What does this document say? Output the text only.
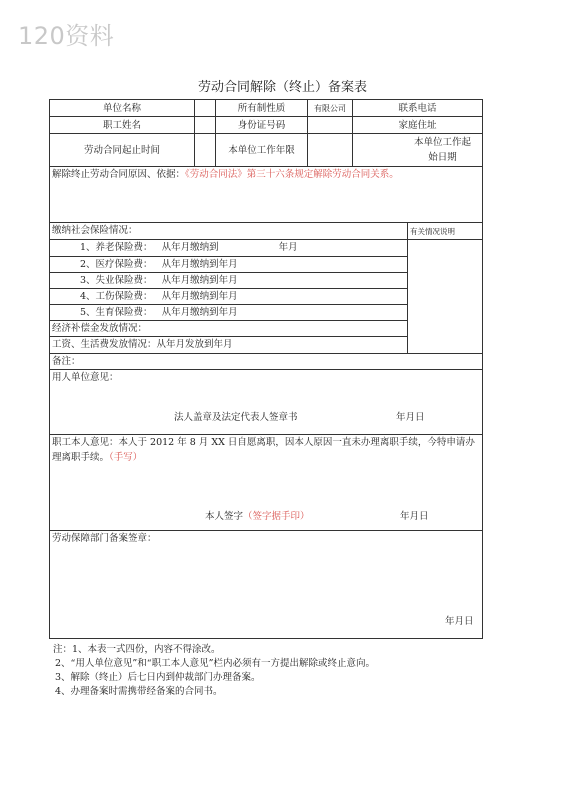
120资料
劳动合同解除（终止）备案表
单位名称		所有制性质	有限公司	联系电话	
职工姓名		身份证号码		家庭住址	
劳动合同起止时间		本单位工作年限		本单位工作起始日期	
解除终止劳动合同原因、依据：《劳动合同法》第三十六条规定解除劳动合同关系。					
缴纳社会保险情况：					有关情况说明
1、养老保险费： 从年月缴纳到 年月					
2、医疗保险费： 从年月缴纳到年月					
3、失业保险费： 从年月缴纳到年月					
4、工伤保险费： 从年月缴纳到年月					
5、生育保险费： 从年月缴纳到年月					
经济补偿金发放情况：					
工资、生活费发放情况：从年月发放到年月					
备注：					

用人单位意见：
法人盖章及法定代表人签章书 年月日					

职工本人意见：本人于 2012 年 8 月 XX 日自愿离职，因本人原因一直未办理离职手续，今特申请办理离职手续。（手写）
本人签字（签字据手印） 年月日					

劳动保障部门备案签章：
年月日					
注：1、本表一式四份，内容不得涂改。
2、“用人单位意见”和“职工本人意见”栏内必须有一方提出解除或终止意向。
3、解除（终止）后七日内到仲裁部门办理备案。
4、办理备案时需携带经备案的合同书。
